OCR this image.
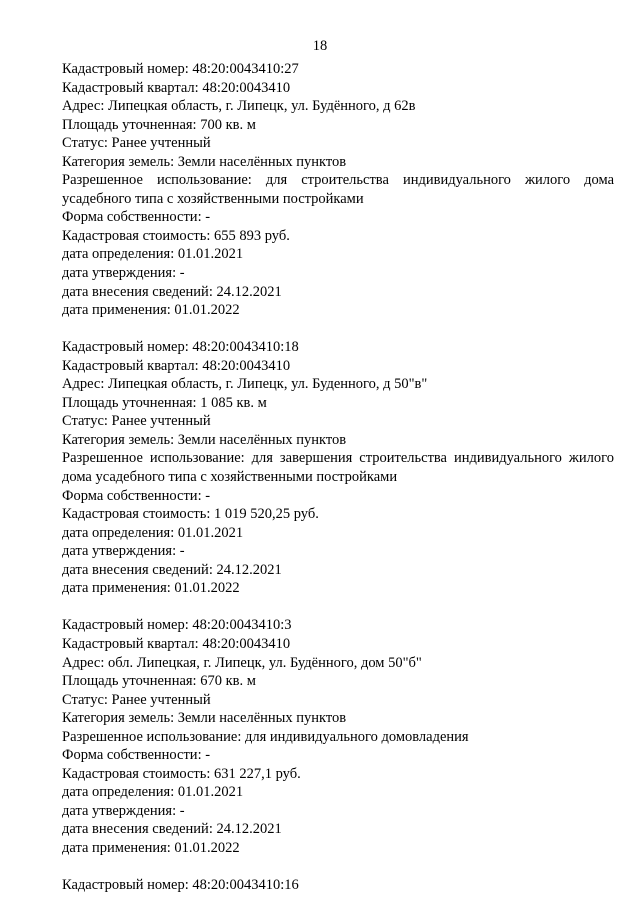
18

Кадастровый номер: 48:20:0043410:27

Кадастровый квартал: 48:20:0043410

Адрес: Липецкая область, г. Липецк, ул. Будённого, д 62в

Площадь уточненная: 700 кв. м

Статус: Ранее учтенный

Категория земель: Земли населённых пунктов

Разрешенное использование: для строительства индивидуального жилого дома усадебного типа с хозяйственными постройками

Форма собственности: -

Кадастровая стоимость: 655 893 руб.

дата определения: 01.01.2021

дата утверждения: -

дата внесения сведений: 24.12.2021

дата применения: 01.01.2022

Кадастровый номер: 48:20:0043410:18

Кадастровый квартал: 48:20:0043410

Адрес: Липецкая область, г. Липецк, ул. Буденного, д 50"в"

Площадь уточненная: 1 085 кв. м

Статус: Ранее учтенный

Категория земель: Земли населённых пунктов

Разрешенное использование: для завершения строительства индивидуального жилого дома усадебного типа с хозяйственными постройками

Форма собственности: -

Кадастровая стоимость: 1 019 520,25 руб.

дата определения: 01.01.2021

дата утверждения: -

дата внесения сведений: 24.12.2021

дата применения: 01.01.2022

Кадастровый номер: 48:20:0043410:3

Кадастровый квартал: 48:20:0043410

Адрес: обл. Липецкая, г. Липецк, ул. Будённого, дом 50"б"

Площадь уточненная: 670 кв. м

Статус: Ранее учтенный

Категория земель: Земли населённых пунктов

Разрешенное использование: для индивидуального домовладения

Форма собственности: -

Кадастровая стоимость: 631 227,1 руб.

дата определения: 01.01.2021

дата утверждения: -

дата внесения сведений: 24.12.2021

дата применения: 01.01.2022

Кадастровый номер: 48:20:0043410:16
